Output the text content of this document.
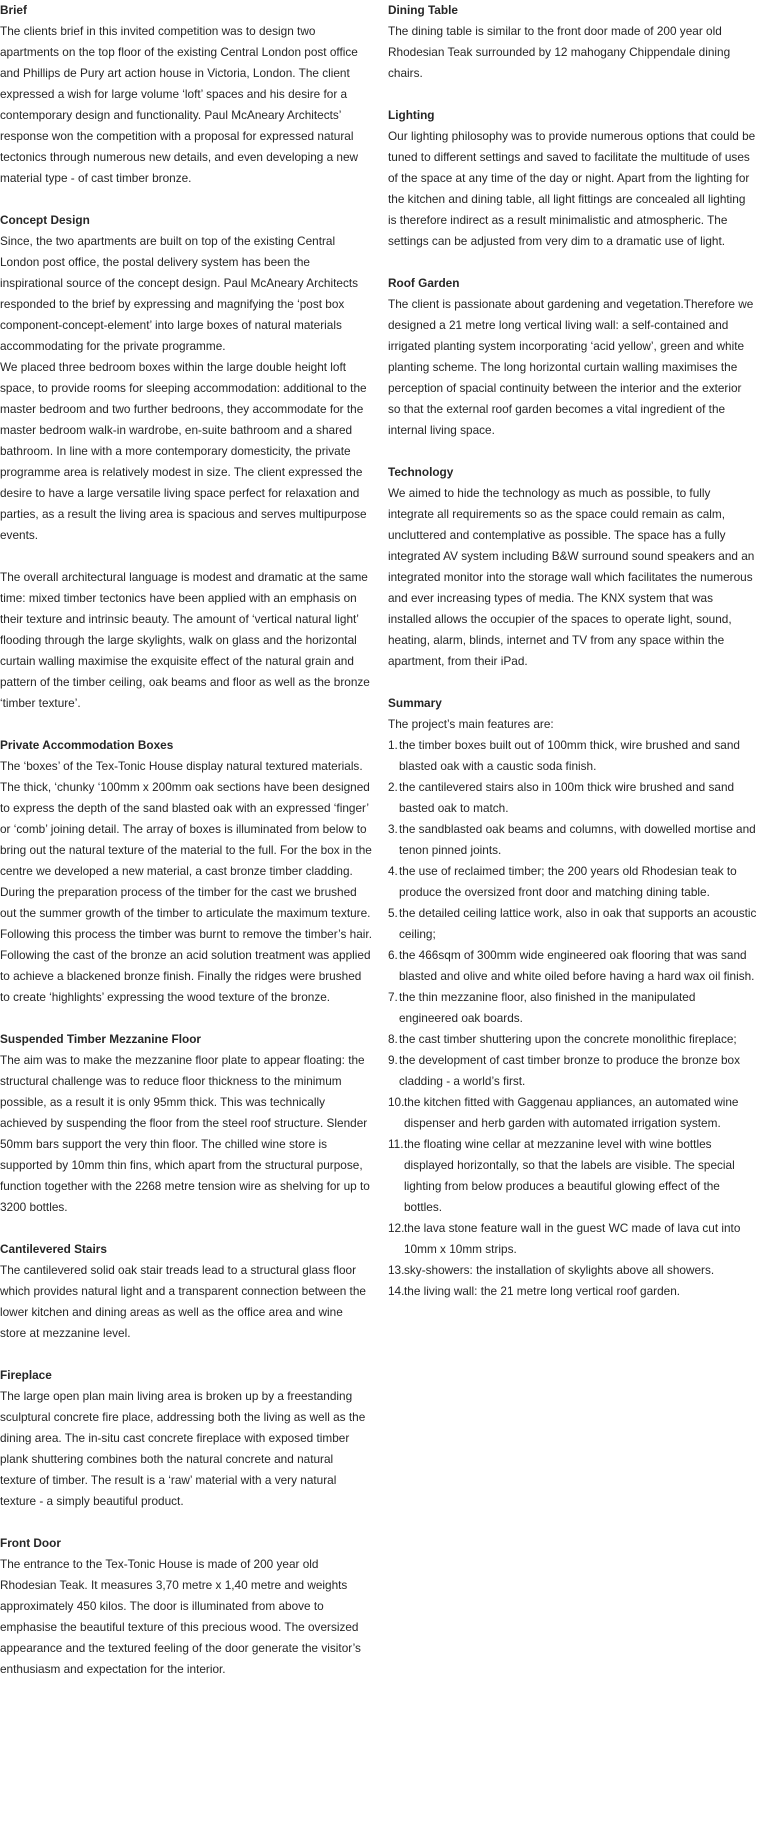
Brief

The clients brief in this invited competition was to design two apartments on the top floor of the existing Central London post office and Phillips de Pury art action house in Victoria, London. The client expressed a wish for large volume ‘loft’ spaces and his desire for a contemporary design and functionality. Paul McAneary Architects’ response won the competition with a proposal for expressed natural tectonics through numerous new details, and even developing a new material type - of cast timber bronze.

Concept Design

Since, the two apartments are built on top of the existing Central London post office, the postal delivery system has been the inspirational source of the concept design. Paul McAneary Architects responded to the brief by expressing and magnifying the ‘post box component-concept-element’ into large boxes of natural materials accommodating for the private programme.

We placed three bedroom boxes within the large double height loft space, to provide rooms for sleeping accommodation: additional to the master bedroom and two further bedroons, they accommodate for the master bedroom walk-in wardrobe, en-suite bathroom and a shared bathroom. In line with a more contemporary domesticity, the private programme area is relatively modest in size. The client expressed the desire to have a large versatile living space perfect for relaxation and parties, as a result the living area is spacious and serves multipurpose events.

The overall architectural language is modest and dramatic at the same time: mixed timber tectonics have been applied with an emphasis on their texture and intrinsic beauty. The amount of ‘vertical natural light’ flooding through the large skylights, walk on glass and the horizontal curtain walling maximise the exquisite effect of the natural grain and pattern of the timber ceiling, oak beams and floor as well as the bronze ‘timber texture’.

Private Accommodation Boxes

The ‘boxes’ of the Tex-Tonic House display natural textured materials. The thick, ‘chunky ‘100mm x 200mm oak sections have been designed to express the depth of the sand blasted oak with an expressed ‘finger’ or ‘comb’ joining detail. The array of boxes is illuminated from below to bring out the natural texture of the material to the full. For the box in the centre we developed a new material, a cast bronze timber cladding. During the preparation process of the timber for the cast we brushed out the summer growth of the timber to articulate the maximum texture. Following this process the timber was burnt to remove the timber’s hair. Following the cast of the bronze an acid solution treatment was applied to achieve a blackened bronze finish. Finally the ridges were brushed to create ‘highlights’ expressing the wood texture of the bronze.

Suspended Timber Mezzanine Floor

The aim was to make the mezzanine floor plate to appear floating: the structural challenge was to reduce floor thickness to the minimum possible, as a result it is only 95mm thick. This was technically achieved by suspending the floor from the steel roof structure. Slender 50mm bars support the very thin floor. The chilled wine store is supported by 10mm thin fins, which apart from the structural purpose, function together with the 2268 metre tension wire as shelving for up to 3200 bottles.

Cantilevered Stairs

The cantilevered solid oak stair treads lead to a structural glass floor which provides natural light and a transparent connection between the lower kitchen and dining areas as well as the office area and wine store at mezzanine level.

Fireplace

The large open plan main living area is broken up by a freestanding sculptural concrete fire place, addressing both the living as well as the dining area. The in-situ cast concrete fireplace with exposed timber plank shuttering combines both the natural concrete and natural texture of timber. The result is a ‘raw’ material with a very natural texture - a simply beautiful product.

Front Door

The entrance to the Tex-Tonic House is made of 200 year old Rhodesian Teak. It measures 3,70 metre x 1,40 metre and weights approximately 450 kilos. The door is illuminated from above to emphasise the beautiful texture of this precious wood. The oversized appearance and the textured feeling of the door generate the visitor’s enthusiasm and expectation for the interior.

Dining Table

The dining table is similar to the front door made of 200 year old Rhodesian Teak surrounded by 12 mahogany Chippendale dining chairs.

Lighting

Our lighting philosophy was to provide numerous options that could be tuned to different settings and saved to facilitate the multitude of uses of the space at any time of the day or night. Apart from the lighting for the kitchen and dining table, all light fittings are concealed all lighting is therefore indirect as a result minimalistic and atmospheric. The settings can be adjusted from very dim to a dramatic use of light.

Roof Garden

The client is passionate about gardening and vegetation.Therefore we designed a 21 metre long vertical living wall: a self-contained and irrigated planting system incorporating ‘acid yellow’, green and white planting scheme. The long horizontal curtain walling maximises the perception of spacial continuity between the interior and the exterior so that the external roof garden becomes a vital ingredient of the internal living space.

Technology

We aimed to hide the technology as much as possible, to fully integrate all requirements so as the space could remain as calm, uncluttered and contemplative as possible. The space has a fully integrated AV system including B&W surround sound speakers and an integrated monitor into the storage wall which facilitates the numerous and ever increasing types of media. The KNX system that was installed allows the occupier of the spaces to operate light, sound, heating, alarm, blinds, internet and TV from any space within the apartment, from their iPad.

Summary

The project’s main features are:

1. the timber boxes built out of 100mm thick, wire brushed and sand blasted oak with a caustic soda finish.
2. the cantilevered stairs also in 100m thick wire brushed and sand basted oak to match.
3. the sandblasted oak beams and columns, with dowelled mortise and tenon pinned joints.
4. the use of reclaimed timber; the 200 years old Rhodesian teak to produce the oversized front door and matching dining table.
5. the detailed ceiling lattice work, also in oak that supports an acoustic ceiling;
6. the 466sqm of 300mm wide engineered oak flooring that was sand blasted and olive and white oiled before having a hard wax oil finish.
7. the thin mezzanine floor, also finished in the manipulated engineered oak boards.
8. the cast timber shuttering upon the concrete monolithic fireplace;
9. the development of cast timber bronze to produce the bronze box cladding - a world’s first.
10. the kitchen fitted with Gaggenau appliances, an automated wine dispenser and herb garden with automated irrigation system.
11. the floating wine cellar at mezzanine level with wine bottles displayed horizontally, so that the labels are visible. The special lighting from below produces a beautiful glowing effect of the bottles.
12. the lava stone feature wall in the guest WC made of lava cut into 10mm x 10mm strips.
13. sky-showers: the installation of skylights above all showers.
14. the living wall: the 21 metre long vertical roof garden.
